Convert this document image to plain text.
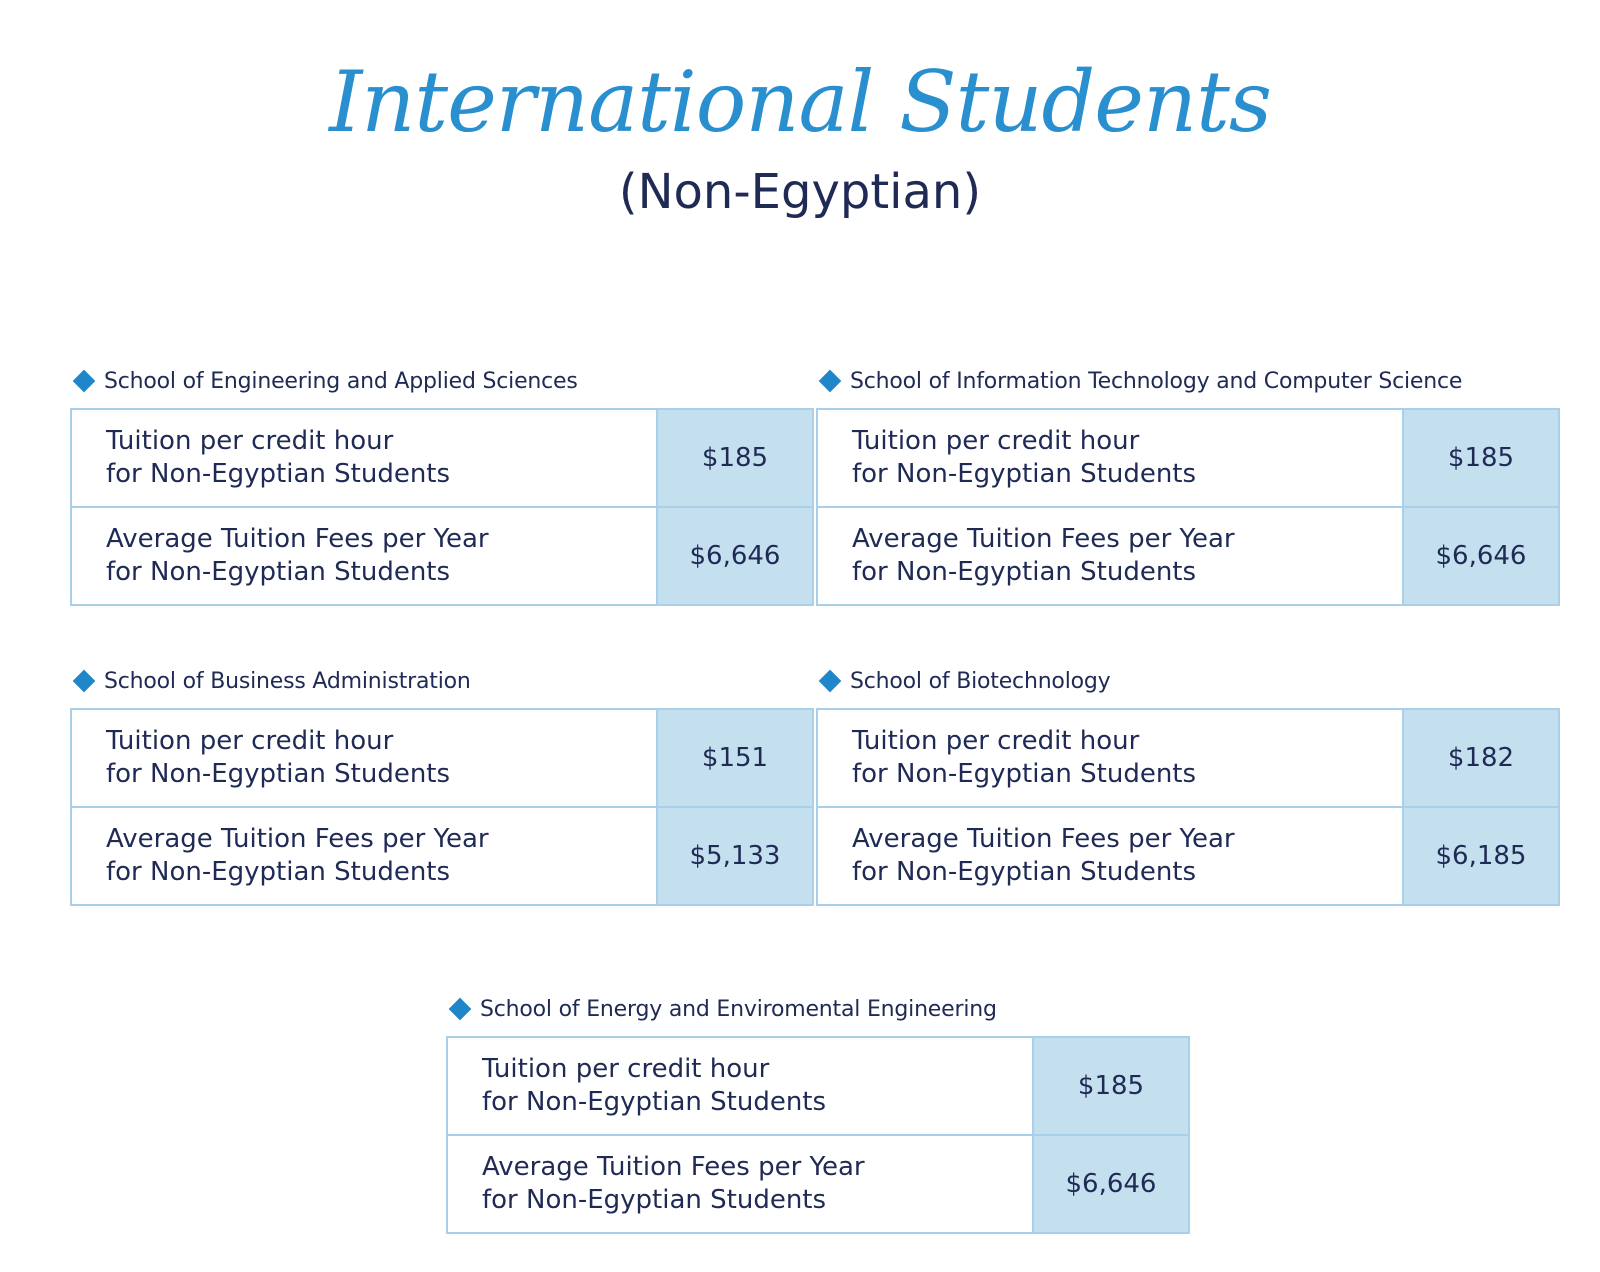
International Students
(Non-Egyptian)
School of Engineering and Applied Sciences
Tuition per credit hour
for Non-Egyptian Students	$185

Average Tuition Fees per Year
for Non-Egyptian Students	$6,646
School of Information Technology and Computer Science
Tuition per credit hour
for Non-Egyptian Students	$185

Average Tuition Fees per Year
for Non-Egyptian Students	$6,646
School of Business Administration
Tuition per credit hour
for Non-Egyptian Students	$151

Average Tuition Fees per Year
for Non-Egyptian Students	$5,133
School of Biotechnology
Tuition per credit hour
for Non-Egyptian Students	$182

Average Tuition Fees per Year
for Non-Egyptian Students	$6,185
School of Energy and Enviromental Engineering
Tuition per credit hour
for Non-Egyptian Students	$185

Average Tuition Fees per Year
for Non-Egyptian Students	$6,646
